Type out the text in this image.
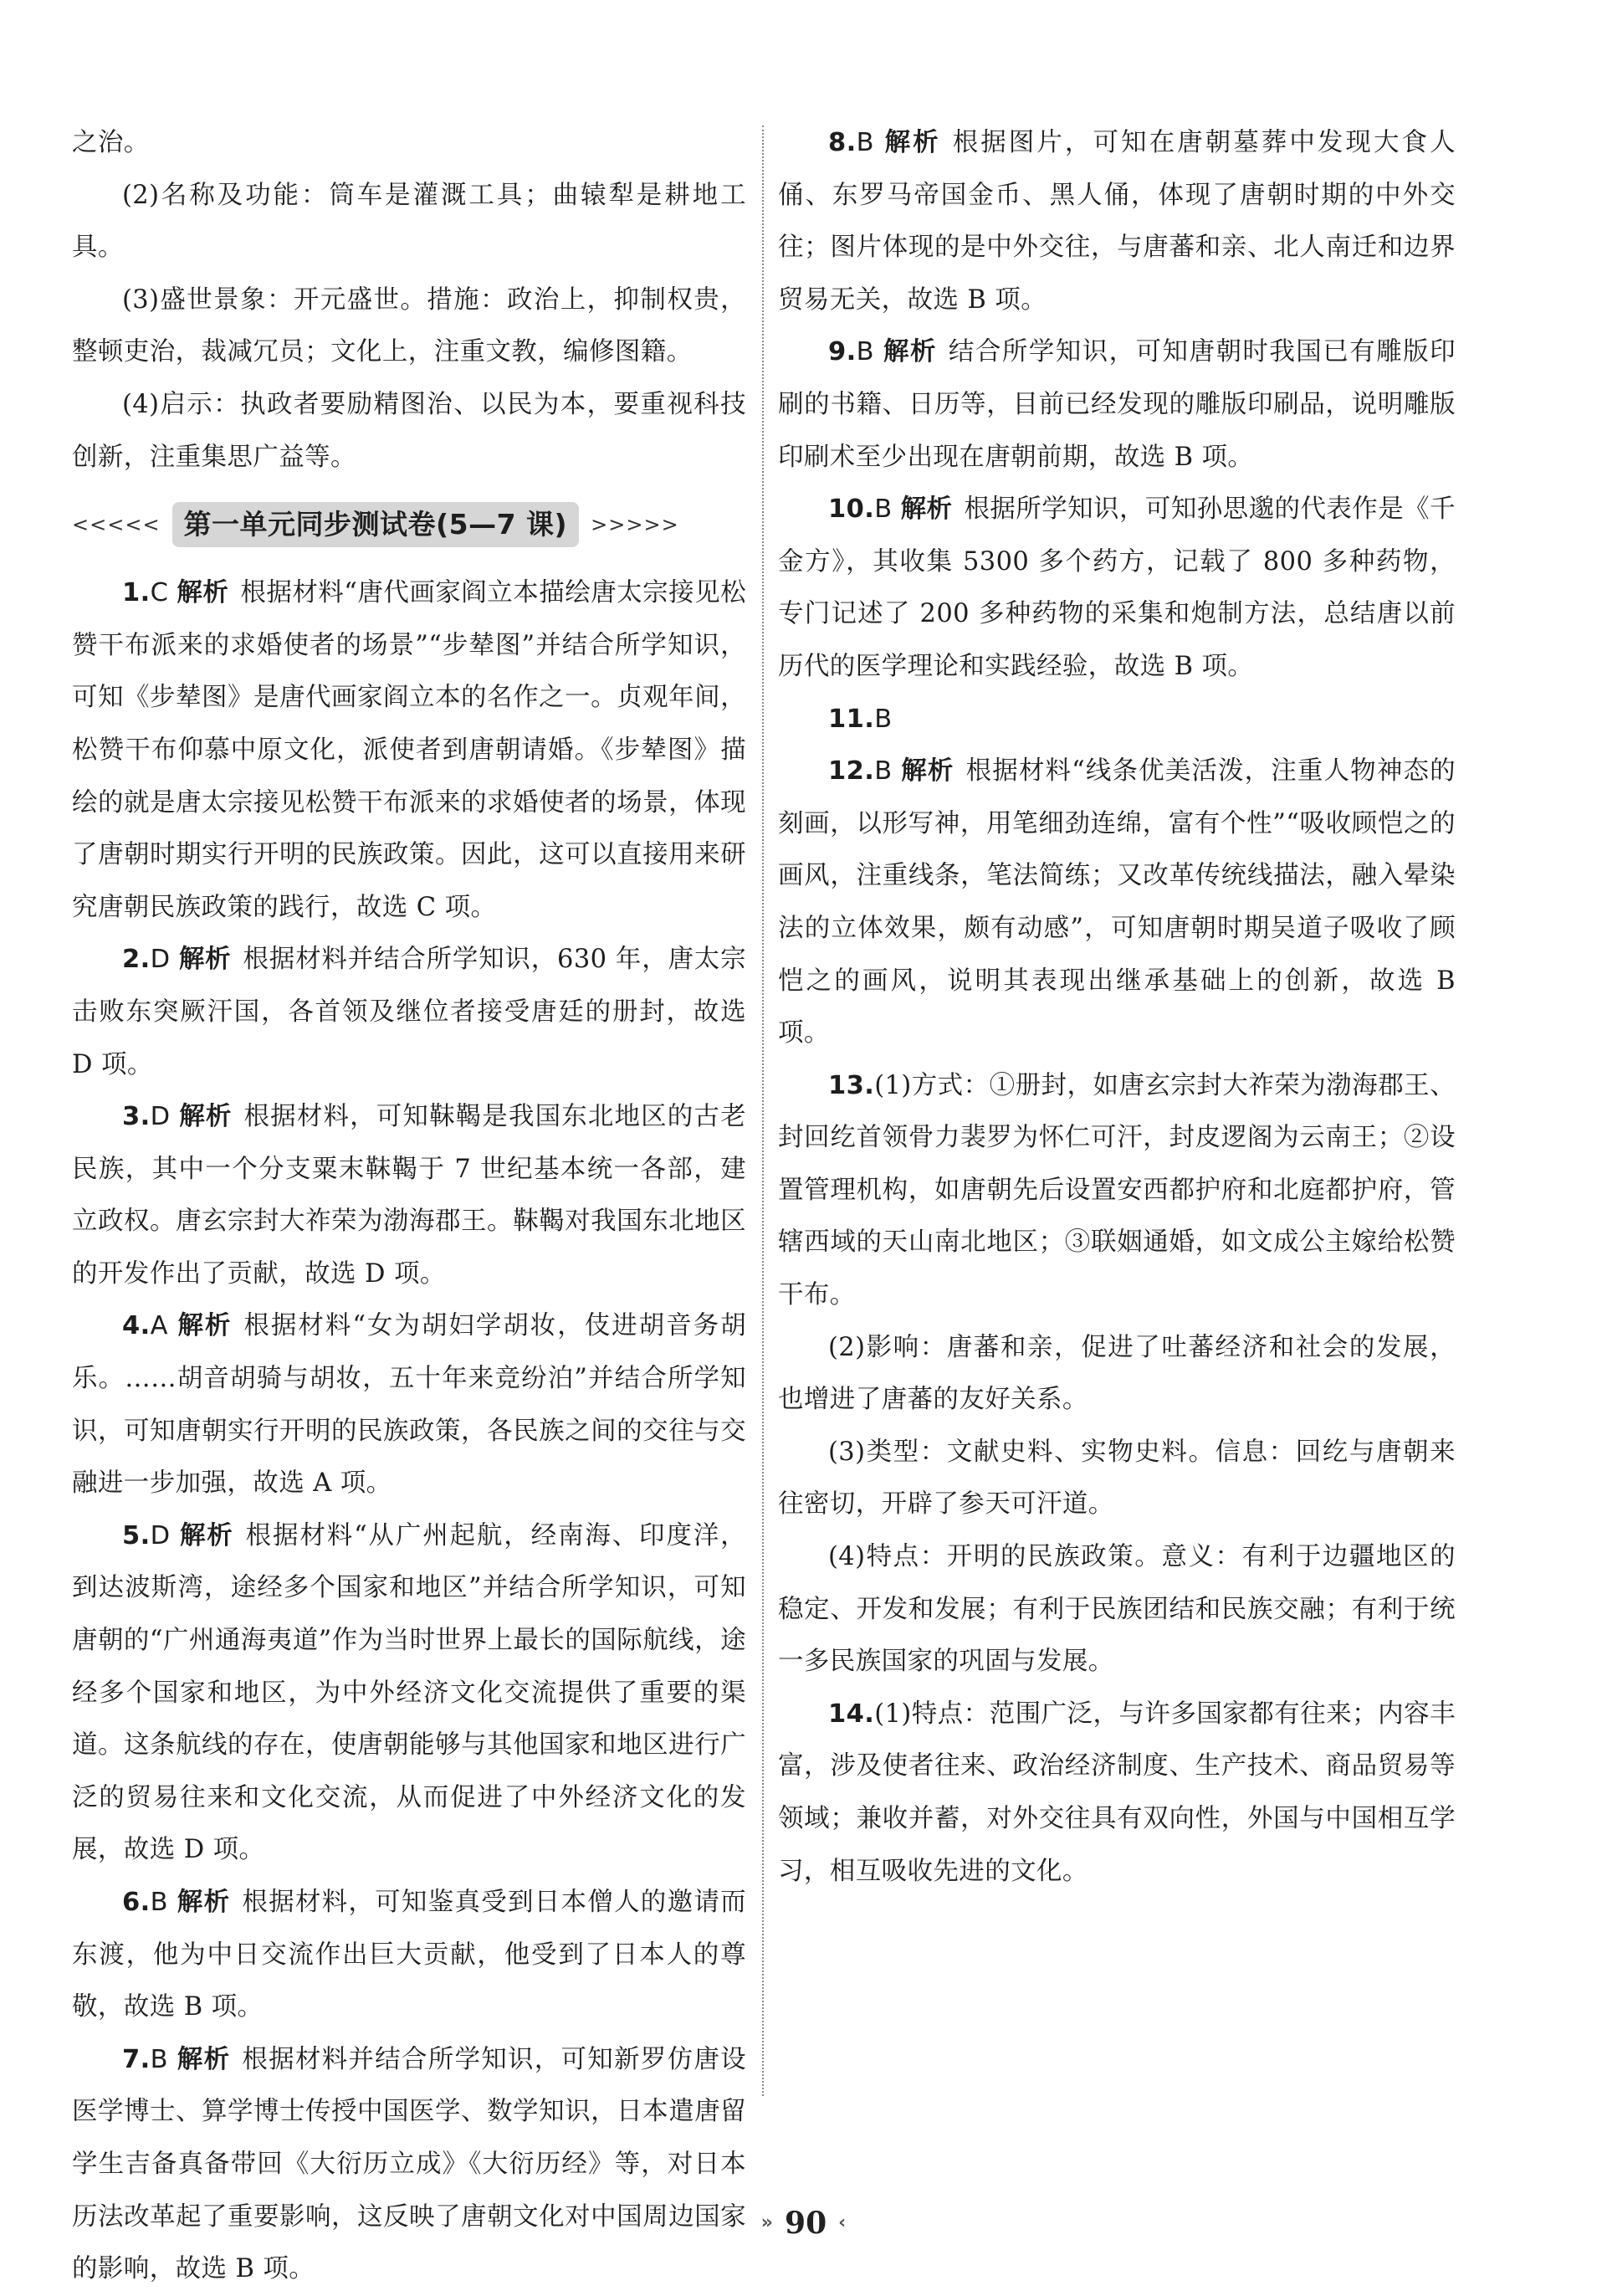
之治。

(2)名称及功能：筒车是灌溉工具；曲辕犁是耕地工具。

(3)盛世景象：开元盛世。措施：政治上，抑制权贵，整顿吏治，裁减冗员；文化上，注重文教，编修图籍。

(4)启示：执政者要励精图治、以民为本，要重视科技创新，注重集思广益等。

<<<<< 第一单元同步测试卷(5—7 课)	>>>>>

1.C 解析 根据材料“唐代画家阎立本描绘唐太宗接见松赞干布派来的求婚使者的场景”“步辇图”并结合所学知识，可知《步辇图》是唐代画家阎立本的名作之一。贞观年间，松赞干布仰慕中原文化，派使者到唐朝请婚。《步辇图》描绘的就是唐太宗接见松赞干布派来的求婚使者的场景，体现了唐朝时期实行开明的民族政策。因此，这可以直接用来研究唐朝民族政策的践行，故选 C 项。

2.D 解析 根据材料并结合所学知识，630 年，唐太宗击败东突厥汗国，各首领及继位者接受唐廷的册封，故选 D 项。

3.D 解析 根据材料，可知靺鞨是我国东北地区的古老民族，其中一个分支粟末靺鞨于 7 世纪基本统一各部，建立政权。唐玄宗封大祚荣为渤海郡王。靺鞨对我国东北地区的开发作出了贡献，故选 D 项。

4.A 解析 根据材料“女为胡妇学胡妆，伎进胡音务胡乐。……胡音胡骑与胡妆，五十年来竞纷泊”并结合所学知识，可知唐朝实行开明的民族政策，各民族之间的交往与交融进一步加强，故选 A 项。

5.D 解析 根据材料“从广州起航，经南海、印度洋，到达波斯湾，途经多个国家和地区”并结合所学知识，可知唐朝的“广州通海夷道”作为当时世界上最长的国际航线，途经多个国家和地区，为中外经济文化交流提供了重要的渠道。这条航线的存在，使唐朝能够与其他国家和地区进行广泛的贸易往来和文化交流，从而促进了中外经济文化的发展，故选 D 项。

6.B 解析 根据材料，可知鉴真受到日本僧人的邀请而东渡，他为中日交流作出巨大贡献，他受到了日本人的尊敬，故选 B 项。

7.B 解析 根据材料并结合所学知识，可知新罗仿唐设医学博士、算学博士传授中国医学、数学知识，日本遣唐留学生吉备真备带回《大衍历立成》《大衍历经》等，对日本历法改革起了重要影响，这反映了唐朝文化对中国周边国家的影响，故选 B 项。

8.B 解析 根据图片，可知在唐朝墓葬中发现大食人俑、东罗马帝国金币、黑人俑，体现了唐朝时期的中外交往；图片体现的是中外交往，与唐蕃和亲、北人南迁和边界贸易无关，故选 B 项。

9.B 解析 结合所学知识，可知唐朝时我国已有雕版印刷的书籍、日历等，目前已经发现的雕版印刷品，说明雕版印刷术至少出现在唐朝前期，故选 B 项。

10.B 解析 根据所学知识，可知孙思邈的代表作是《千金方》，其收集 5300 多个药方，记载了 800 多种药物，专门记述了 200 多种药物的采集和炮制方法，总结唐以前历代的医学理论和实践经验，故选 B 项。

11.B

12.B 解析 根据材料“线条优美活泼，注重人物神态的刻画，以形写神，用笔细劲连绵，富有个性”“吸收顾恺之的画风，注重线条，笔法简练；又改革传统线描法，融入晕染法的立体效果，颇有动感”，可知唐朝时期吴道子吸收了顾恺之的画风，说明其表现出继承基础上的创新，故选 B 项。

13.(1)方式：①册封，如唐玄宗封大祚荣为渤海郡王、封回纥首领骨力裴罗为怀仁可汗，封皮逻阁为云南王；②设置管理机构，如唐朝先后设置安西都护府和北庭都护府，管辖西域的天山南北地区；③联姻通婚，如文成公主嫁给松赞干布。

(2)影响：唐蕃和亲，促进了吐蕃经济和社会的发展，也增进了唐蕃的友好关系。

(3)类型：文献史料、实物史料。信息：回纥与唐朝来往密切，开辟了参天可汗道。

(4)特点：开明的民族政策。意义：有利于边疆地区的稳定、开发和发展；有利于民族团结和民族交融；有利于统一多民族国家的巩固与发展。

14.(1)特点：范围广泛，与许多国家都有往来；内容丰富，涉及使者往来、政治经济制度、生产技术、商品贸易等领域；兼收并蓄，对外交往具有双向性，外国与中国相互学习，相互吸收先进的文化。

» 90 ‹
